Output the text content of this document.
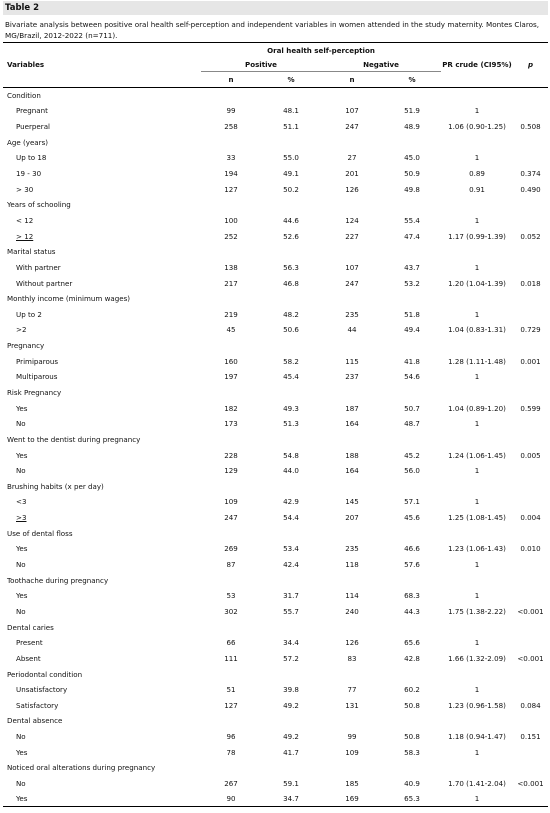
Table 2
Bivariate analysis between positive oral health self-perception and independent variables in women attended in the study maternity. Montes Claros, MG/Brazil, 2012-2022 (n=711).
	Oral health self-perception					
Variables	Positive		Negative		PR crude (CI95%)	p
	n	%	n	%		
Condition						
Pregnant	99	48.1	107	51.9	1	
Puerperal	258	51.1	247	48.9	1.06 (0.90-1.25)	0.508
Age (years)						
Up to 18	33	55.0	27	45.0	1	
19 - 30	194	49.1	201	50.9	0.89	0.374
> 30	127	50.2	126	49.8	0.91	0.490
Years of schooling						
< 12	100	44.6	124	55.4	1	
> 12	252	52.6	227	47.4	1.17 (0.99-1.39)	0.052
Marital status						
With partner	138	56.3	107	43.7	1	
Without partner	217	46.8	247	53.2	1.20 (1.04-1.39)	0.018
Monthly income (minimum wages)						
Up to 2	219	48.2	235	51.8	1	
>2	45	50.6	44	49.4	1.04 (0.83-1.31)	0.729
Pregnancy						
Primiparous	160	58.2	115	41.8	1.28 (1.11-1.48)	0.001
Multiparous	197	45.4	237	54.6	1	
Risk Pregnancy						
Yes	182	49.3	187	50.7	1.04 (0.89-1.20)	0.599
No	173	51.3	164	48.7	1	
Went to the dentist during pregnancy						
Yes	228	54.8	188	45.2	1.24 (1.06-1.45)	0.005
No	129	44.0	164	56.0	1	
Brushing habits (x per day)						
<3	109	42.9	145	57.1	1	
>3	247	54.4	207	45.6	1.25 (1.08-1.45)	0.004
Use of dental floss						
Yes	269	53.4	235	46.6	1.23 (1.06-1.43)	0.010
No	87	42.4	118	57.6	1	
Toothache during pregnancy						
Yes	53	31.7	114	68.3	1	
No	302	55.7	240	44.3	1.75 (1.38-2.22)	<0.001
Dental caries						
Present	66	34.4	126	65.6	1	
Absent	111	57.2	83	42.8	1.66 (1.32-2.09)	<0.001
Periodontal condition						
Unsatisfactory	51	39.8	77	60.2	1	
Satisfactory	127	49.2	131	50.8	1.23 (0.96-1.58)	0.084
Dental absence						
No	96	49.2	99	50.8	1.18 (0.94-1.47)	0.151
Yes	78	41.7	109	58.3	1	
Noticed oral alterations during pregnancy						
No	267	59.1	185	40.9	1.70 (1.41-2.04)	<0.001
Yes	90	34.7	169	65.3	1	
